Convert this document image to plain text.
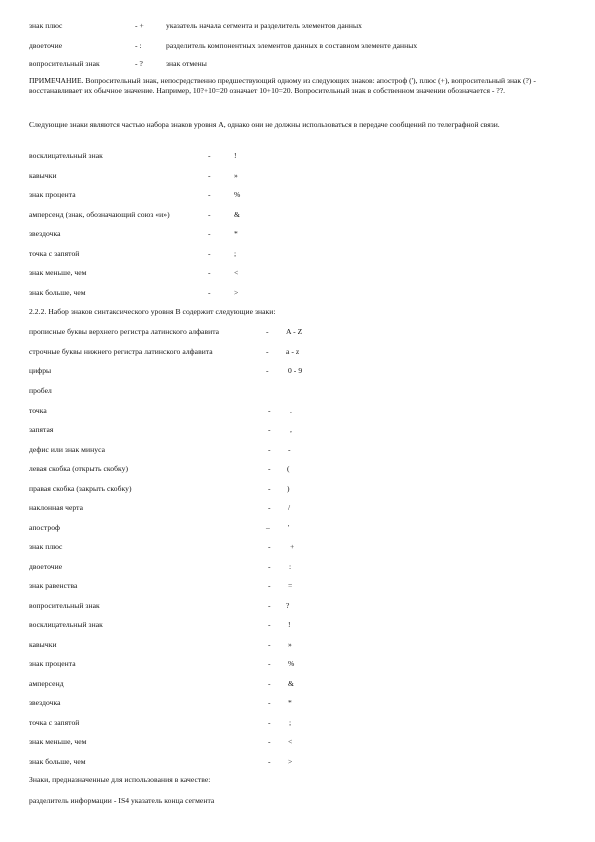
знак плюс	- +	указатель начала сегмента и разделитель элементов данных
двоеточие	- :	разделитель компонентных элементов данных в составном элементе данных
вопросительный знак	- ?	знак отмены
ПРИМЕЧАНИЕ. Вопросительный знак, непосредственно предшествующий одному из следующих знаков: апостроф ('), плюс (+), вопросительный знак (?) - восстанавливает их обычное значение. Например, 10?+10=20 означает 10+10=20. Вопросительный знак в собственном значении обозначается - ??.
Следующие знаки являются частью набора знаков уровня А, однако они не должны использоваться в передаче сообщений по телеграфной связи.
восклицательный знак	-	!
кавычки	-	»
знак процента	-	%
амперсенд (знак, обозначающий союз «и»)	-	&
звездочка	-	*
точка с запятой	-	;
знак меньше, чем	-	<
знак больше, чем	-	>
2.2.2. Набор знаков синтаксического уровня В содержит следующие знаки:
прописные буквы верхнего регистра латинского алфавита	- A - Z
строчные буквы нижнего регистра латинского алфавита	- a - z
цифры	-	0 - 9
пробел
точка	-	.
запятая	-	,
дефис или знак минуса	- -
левая скобка (открыть скобку)	- (
правая скобка (закрыть скобку)	- )
наклонная черта	- /
апостроф	– '
знак плюс	-	+
двоеточие	- :
знак равенства	- =
вопросительный знак	- ?
восклицательный знак	- !
кавычки	- »
знак процента	- %
амперсенд	- &
звездочка	- *
точка с запятой	- ;
знак меньше, чем	- <
знак больше, чем	- >
Знаки, предназначенные для использования в качестве:
разделитель информации - IS4 указатель конца сегмента
